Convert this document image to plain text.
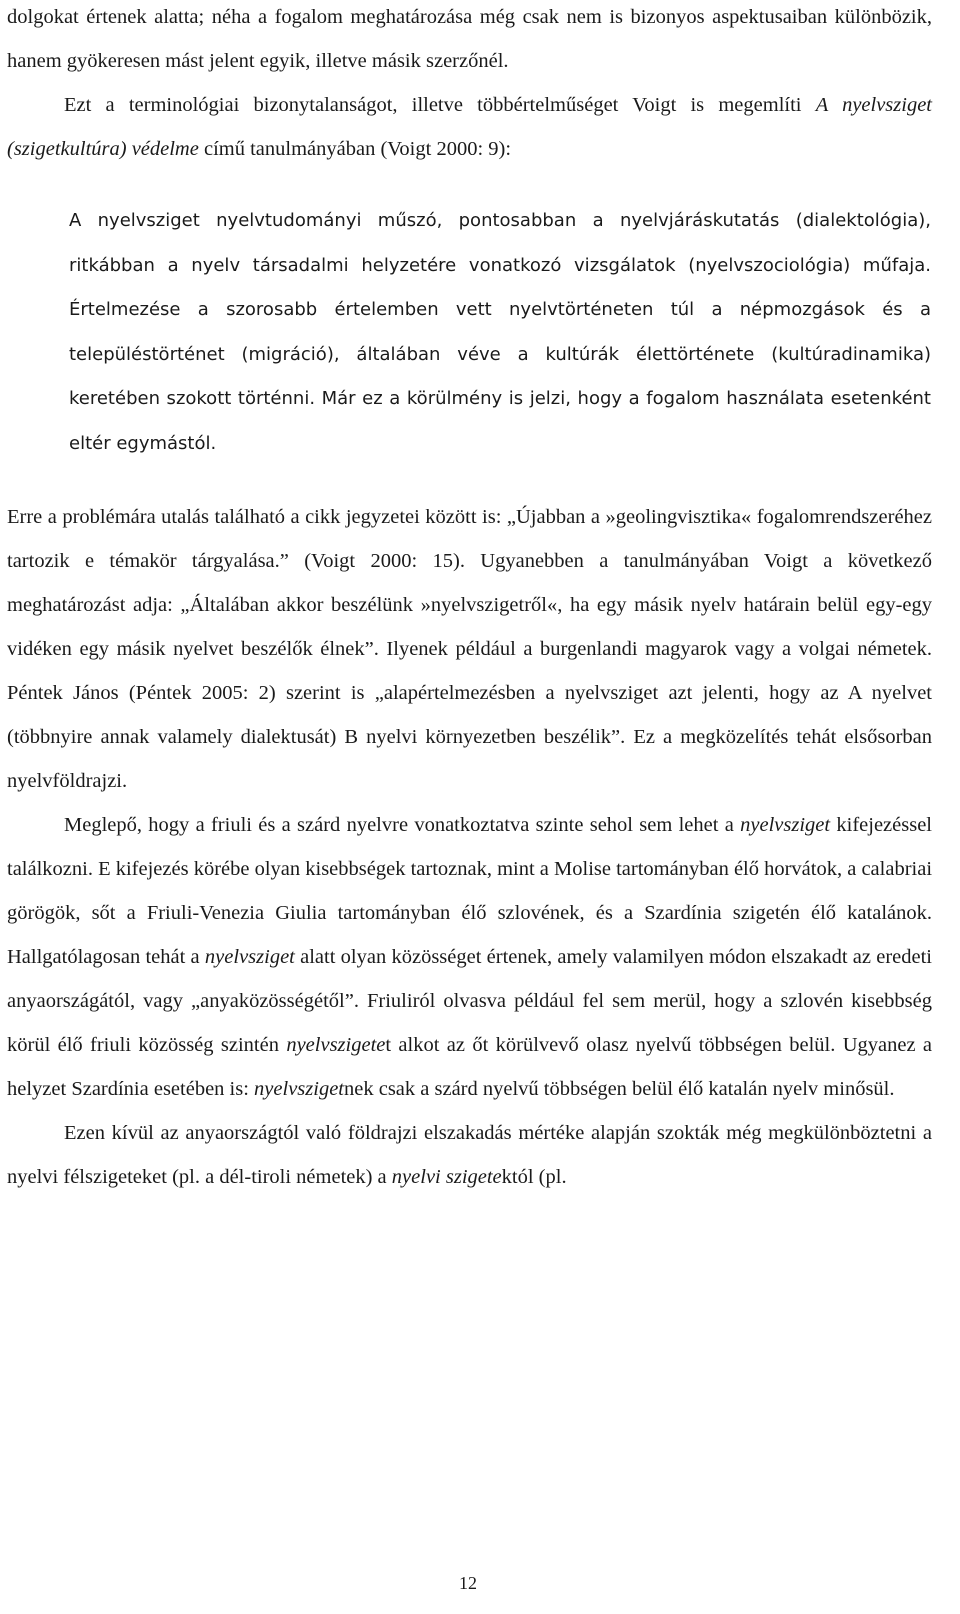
dolgokat értenek alatta; néha a fogalom meghatározása még csak nem is bizonyos aspektusaiban különbözik, hanem gyökeresen mást jelent egyik, illetve másik szerzőnél.

Ezt a terminológiai bizonytalanságot, illetve többértelműséget Voigt is megemlíti A nyelvsziget (szigetkultúra) védelme című tanulmányában (Voigt 2000: 9):

A nyelvsziget nyelvtudományi műszó, pontosabban a nyelvjáráskutatás (dialektológia), ritkábban a nyelv társadalmi helyzetére vonatkozó vizsgálatok (nyelvszociológia) műfaja. Értelmezése a szorosabb értelemben vett nyelvtörténeten túl a népmozgások és a településtörténet (migráció), általában véve a kultúrák élettörténete (kultúradinamika) keretében szokott történni. Már ez a körülmény is jelzi, hogy a fogalom használata esetenként eltér egymástól.

Erre a problémára utalás található a cikk jegyzetei között is: „Újabban a »geolingvisztika« fogalomrendszeréhez tartozik e témakör tárgyalása.” (Voigt 2000: 15). Ugyanebben a tanulmányában Voigt a következő meghatározást adja: „Általában akkor beszélünk »nyelvszigetről«, ha egy másik nyelv határain belül egy-egy vidéken egy másik nyelvet beszélők élnek”. Ilyenek például a burgenlandi magyarok vagy a volgai németek. Péntek János (Péntek 2005: 2) szerint is „alapértelmezésben a nyelvsziget azt jelenti, hogy az A nyelvet (többnyire annak valamely dialektusát) B nyelvi környezetben beszélik”. Ez a megközelítés tehát elsősorban nyelvföldrajzi.

Meglepő, hogy a friuli és a szárd nyelvre vonatkoztatva szinte sehol sem lehet a nyelvsziget kifejezéssel találkozni. E kifejezés körébe olyan kisebbségek tartoznak, mint a Molise tartományban élő horvátok, a calabriai görögök, sőt a Friuli-Venezia Giulia tartományban élő szlovének, és a Szardínia szigetén élő katalánok. Hallgatólagosan tehát a nyelvsziget alatt olyan közösséget értenek, amely valamilyen módon elszakadt az eredeti anyaországától, vagy „anyaközösségétől”. Friuliról olvasva például fel sem merül, hogy a szlovén kisebbség körül élő friuli közösség szintén nyelvszigetet alkot az őt körülvevő olasz nyelvű többségen belül. Ugyanez a helyzet Szardínia esetében is: nyelvszigetnek csak a szárd nyelvű többségen belül élő katalán nyelv minősül.

Ezen kívül az anyaországtól való földrajzi elszakadás mértéke alapján szokták még megkülönböztetni a nyelvi félszigeteket (pl. a dél-tiroli németek) a nyelvi szigetektól (pl.

12
